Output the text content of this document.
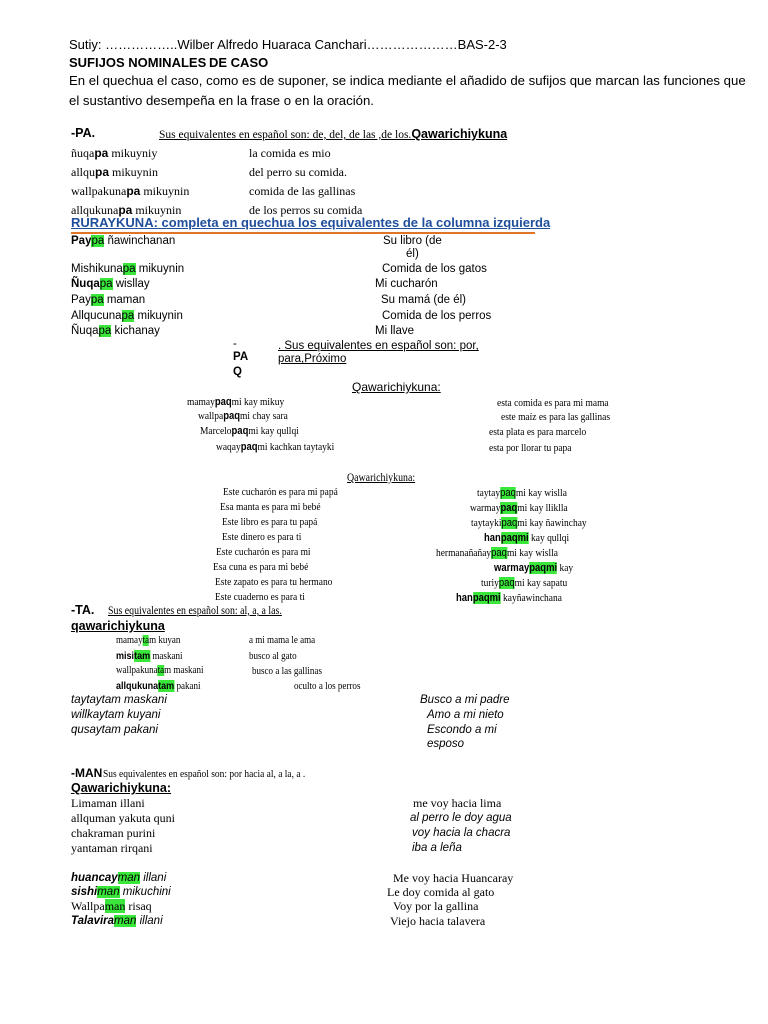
Sutiy: ……………..Wilber Alfredo Huaraca Canchari…………………BAS-2-3
SUFIJOS NOMINALES DE CASO
En el quechua el caso, como es de suponer, se indica mediante el añadido de sufijos que marcan las funciones que
el sustantivo desempeña en la frase o en la oración.
-PA.	Sus equivalentes en español son: de, del, de las ,de los.Qawarichiykuna
ñuqapa mikuyniy	la comida es mio
allqupa mikuynin	del perro su comida.
wallpakunapa mikuynin	comida de las gallinas
allqukunapa mikuynin	de los perros su comida
RURAYKUNA: completa en quechua los equivalentes de la columna izquierda
Paypa ñawinchanan	Su libro (de
él)
Mishikunapa mikuynin	Comida de los gatos
Ñuqapa wisllay	Mi cucharón
Paypa maman	Su mamá (de él)
Allqucunapa mikuynin	Comida de los perros
Ñuqapa kichanay	Mi llave
-
PA
Q
. Sus equivalentes en español son: por,
para,Próximo
Qawarichiykuna:
mamaypaqmi kay mikuy	esta comida es para mi mama
wallpapaqmi chay sara	este maíz es para las gallinas
Marcelopaqmi kay qullqi	esta plata es para marcelo
waqaypaqmi kachkan taytayki	esta por llorar tu papa
Qawarichiykuna:
Este cucharón es para mi papá	taytaypaqmi kay wislla
Esa manta es para mi bebé	warmaypaqmi kay lliklla
Este libro es para tu papá	taytaykipaqmi kay ñawinchay
Este dinero es para ti	hanpaqmi kay qullqi
Este cucharón es para mi	hermanañañaypaqmi kay wislla
Esa cuna es para mi bebé	warmaypaqmi kay
Este zapato es para tu hermano	turiypaqmi kay sapatu
Este cuaderno es para ti	hanpaqmi kayñawinchana
-TA. Sus equivalentes en español son: al, a, a las.
qawarichiykuna
mamaytam kuyan	a mi mama le ama
misitam maskani	busco al gato
wallpakunatam maskani	busco a las gallinas
allqukunatam pakani	oculto a los perros
taytaytam maskani	Busco a mi padre
willkaytam kuyani	Amo a mi nieto
qusaytam pakani	Escondo a mi
esposo
-MAN Sus equivalentes en español son: por hacia al, a la, a .
Qawarichiykuna:
Limaman illani	me voy hacia lima
allquman yakuta quni	al perro le doy agua
chakraman purini	voy hacia la chacra
yantaman rirqani	iba a leña
huancayman illani	Me voy hacia Huancaray
sishiman mikuchini	Le doy comida al gato
Wallpaman risaq	Voy por la gallina
Talaviraman illani	Viejo hacia talavera
